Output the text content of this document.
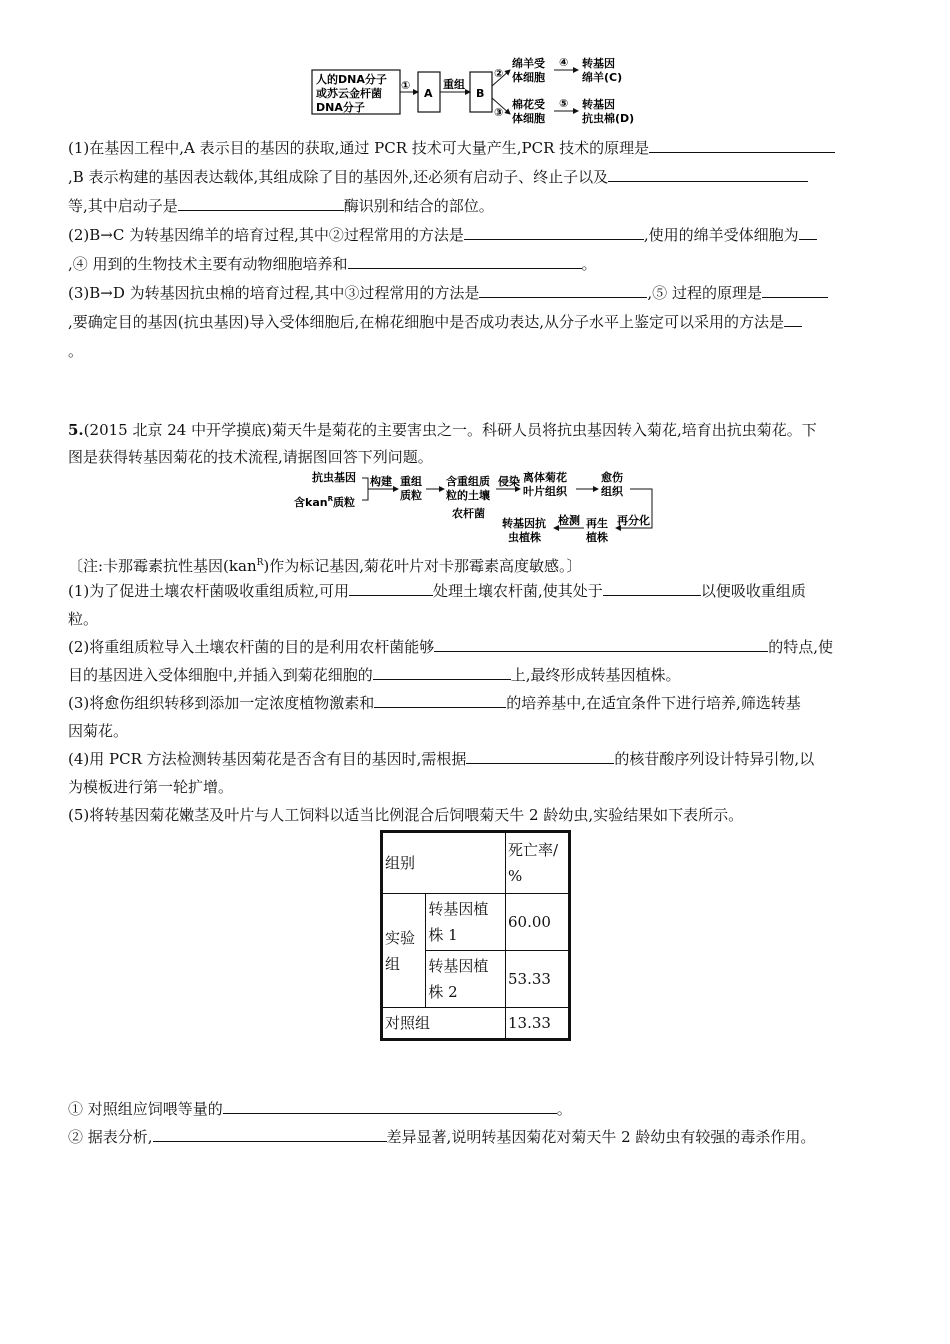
人的DNA分子
或苏云金杆菌
DNA分子
①
A
重组
B
②
③
绵羊受
体细胞
棉花受
体细胞
④
⑤
转基因
绵羊(C)
转基因
抗虫棉(D)
(1)在基因工程中,A 表示目的基因的获取,通过 PCR 技术可大量产生,PCR 技术的原理是
,B 表示构建的基因表达载体,其组成除了目的基因外,还必须有启动子、终止子以及
等,其中启动子是	酶识别和结合的部位。
(2)B→C 为转基因绵羊的培育过程,其中②过程常用的方法是	,使用的绵羊受体细胞为
,④ 用到的生物技术主要有动物细胞培养和	。
(3)B→D 为转基因抗虫棉的培育过程,其中③过程常用的方法是	,⑤ 过程的原理是
,要确定目的基因(抗虫基因)导入受体细胞后,在棉花细胞中是否成功表达,从分子水平上鉴定可以采用的方法是
。
5.(2015 北京 24 中开学摸底)菊天牛是菊花的主要害虫之一。科研人员将抗虫基因转入菊花,培育出抗虫菊花。下
图是获得转基因菊花的技术流程,请据图回答下列问题。
抗虫基因
含kan$^R$质粒
构建 重组
质粒
含重组质
粒的土壤
农杆菌
侵染 离体菊花
叶片组织
愈伤
组织
再分化
再生
植株
检测
转基因抗
虫植株
〔注:卡那霉素抗性基因(kan$^R$)作为标记基因,菊花叶片对卡那霉素高度敏感。〕
(1)为了促进土壤农杆菌吸收重组质粒,可用	处理土壤农杆菌,使其处于	以便吸收重组质
粒。
(2)将重组质粒导入土壤农杆菌的目的是利用农杆菌能够	的特点,使
目的基因进入受体细胞中,并插入到菊花细胞的	上,最终形成转基因植株。
(3)将愈伤组织转移到添加一定浓度植物激素和	的培养基中,在适宜条件下进行培养,筛选转基
因菊花。
(4)用 PCR 方法检测转基因菊花是否含有目的基因时,需根据	的核苷酸序列设计特异引物,以
为模板进行第一轮扩增。
(5)将转基因菊花嫩茎及叶片与人工饲料以适当比例混合后饲喂菊天牛 2 龄幼虫,实验结果如下表所示。
组别		死亡率/
%
实验
组	转基因植
株 1	60.00
	转基因植
株 2	53.33
对照组		13.33
① 对照组应饲喂等量的	。
② 据表分析,	差异显著,说明转基因菊花对菊天牛 2 龄幼虫有较强的毒杀作用。
